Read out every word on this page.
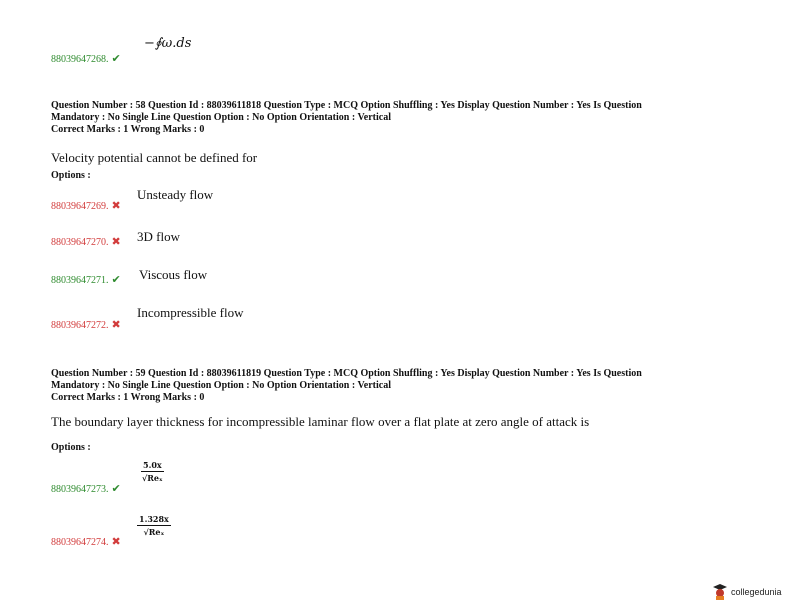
−∮ω.ds
88039647268. ✔
Question Number : 58 Question Id : 88039611818 Question Type : MCQ Option Shuffling : Yes Display Question Number : Yes Is Question
Mandatory : No Single Line Question Option : No Option Orientation : Vertical
Correct Marks : 1 Wrong Marks : 0
Velocity potential cannot be defined for
Options :
Unsteady flow
88039647269. ✖
3D flow
88039647270. ✖
Viscous flow
88039647271. ✔
Incompressible flow
88039647272. ✖
Question Number : 59 Question Id : 88039611819 Question Type : MCQ Option Shuffling : Yes Display Question Number : Yes Is Question
Mandatory : No Single Line Question Option : No Option Orientation : Vertical
Correct Marks : 1 Wrong Marks : 0
The boundary layer thickness for incompressible laminar flow over a flat plate at zero angle of attack is
Options :
5.0x
√Reₓ
88039647273. ✔
1.328x
√Reₓ
88039647274. ✖
collegedunia
